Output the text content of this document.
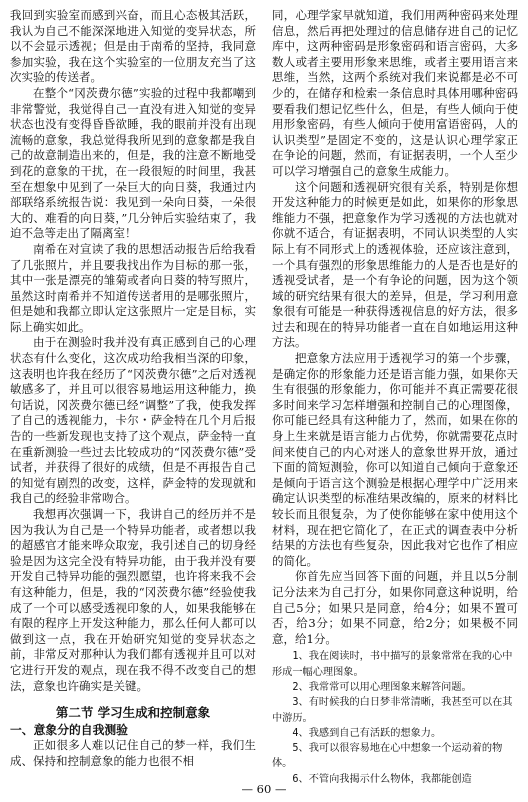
我回到实验室而感到兴奋，而且心态极其活跃，我认为自己不能深深地进入知觉的变异状态，所以不会显示透视；但是由于南希的坚持，我同意参加实验，我在这个实验室的一位朋友充当了这次实验的传送者。

在整个“冈茨费尔德”实验的过程中我都嘲到非常警觉，我觉得自己一直没有进入知觉的变异状态也没有变得昏昏欲睡，我的眼前并没有出现流畅的意象，我总觉得我所见到的意象都是我自己的故意制造出来的，但是，我的注意不断地受到花的意象的干扰，在一段很短的时间里，我甚至在想象中见到了一朵巨大的向日葵，我通过内部联络系统报告说：我见到一朵向日葵，一朵很大的、难看的向日葵，”几分钟后实验结束了，我迫不急等走出了隔离室！

南希在对宣读了我的思想活动报告后给我看了几张照片，并且要我找出作为目标的那一张，其中一张是漂亮的雏菊或者向日葵的特写照片，虽然这时南希并不知道传送者用的是哪张照片，但是她和我都立即认定这张照片一定是目标，实际上确实如此。

由于在测验时我并没有真正感到自己的心理状态有什么变化，这次成功给我相当深的印象，这表明也许我在经历了“冈茨费尔德”之后对透视敏感多了，并且可以很容易地运用这种能力，换句话说，冈茨费尔德已经“调整”了我，使我发挥了自己的透视能力，卡尔・萨金特在几个月后报告的一些新发现也支持了这个观点，萨金特一直在重新测验一些过去比较成功的“冈茨费尔德”受试者，并获得了很好的成绩，但是不再报告自己的知觉有剧烈的改变，这样，萨金特的发现就和我自己的经验非常吻合。

我想再次强调一下，我讲自己的经历并不是因为我认为自己是一个特异功能者，或者想以我的超感官才能来哗众取宠，我引述自己的切身经验是因为这完全没有特异功能，由于我并没有要开发自己特异功能的强烈愿望，也许将来我不会有这种能力，但是，我的“冈茨费尔德”经验使我成了一个可以感受透视印象的人，如果我能够在有限的程序上开发这种能力，那么任何人都可以做到这一点，我在开始研究知觉的变异状态之前，非常反对那种认为我们都有透视并且可以对它进行开发的观点，现在我不得不改变自己的想法，意象也许确实是关键。

第二节 学习生成和控制意象
一、意象分的自我测验

正如很多人难以记住自己的梦一样，我们生成、保持和控制意象的能力也很不相

同，心理学家早就知道，我们用两种密码来处理信息，然后再把处理过的信息储存进自己的记忆库中，这两种密码是形象密码和语言密码，大多数人或者主要用形象来思维，或者主要用语言来思维，当然，这两个系统对我们来说都是必不可少的，在储存和检索一条信息时具体用哪种密码要看我们想记忆些什么，但是，有些人倾向于使用形象密码，有些人倾向于使用富语密码，人的认识类型”是固定不变的，这是认识心理学家正在争论的问题，然而，有证据表明，一个人至少可以学习增强自己的意象生成能力。

这个问题和透视研究很有关系，特别是你想开发这种能力的时候更是如此，如果你的形象思维能力不强，把意象作为学习透视的方法也就对你就不适合，有证据表明，不同认识类型的人实际上有不同形式上的透视体验，还应该注意到，一个具有强烈的形象思维能力的人是否也是好的透视受试者，是一个有争论的问题，因为这个领域的研究结果有很大的差异，但是，学习利用意象很有可能是一种获得透视信息的好方法，很多过去和现在的特异功能者一直在自如地运用这种方法。

把意象方法应用于透视学习的第一个步骤，是确定你的形象能力还是语言能力强，如果你天生有很强的形象能力，你可能并不真正需要花很多时间来学习怎样增强和控制自己的心理图像，你可能已经具有这种能力了，然而，如果在你的身上生来就是语言能力占优势，你就需要花点时间来使自己的内心对迷人的意象世界开放，通过下面的简短测验，你可以知道自己倾向于意象还是倾向于语言这个测验是根据心理学中广泛用来确定认识类型的标准结果改编的，原来的材料比较长而且很复杂，为了使你能够在家中使用这个材料，现在把它简化了，在正式的调查表中分析结果的方法也有些复杂，因此我对它也作了相应的简化。

你首先应当回答下面的问题，并且以5分制记分法来为自己打分，如果你同意这种说明，给自己5分；如果只是同意，给4分；如果不置可否，给3分；如果不同意，给2分；如果极不同意，给1分。

1、我在阅读时，书中描写的景象常常在我的心中形成一幅心理图象。

2、我常常可以用心理图象来解答问题。

3、有时候我的白日梦非常清晰，我甚至可以在其中游历。

4、我感到自己有活跃的想象力。

5、我可以很容易地在心中想象一个运动着的物体。

6、不管向我揭示什么物体，我都能创造

— 60 —
